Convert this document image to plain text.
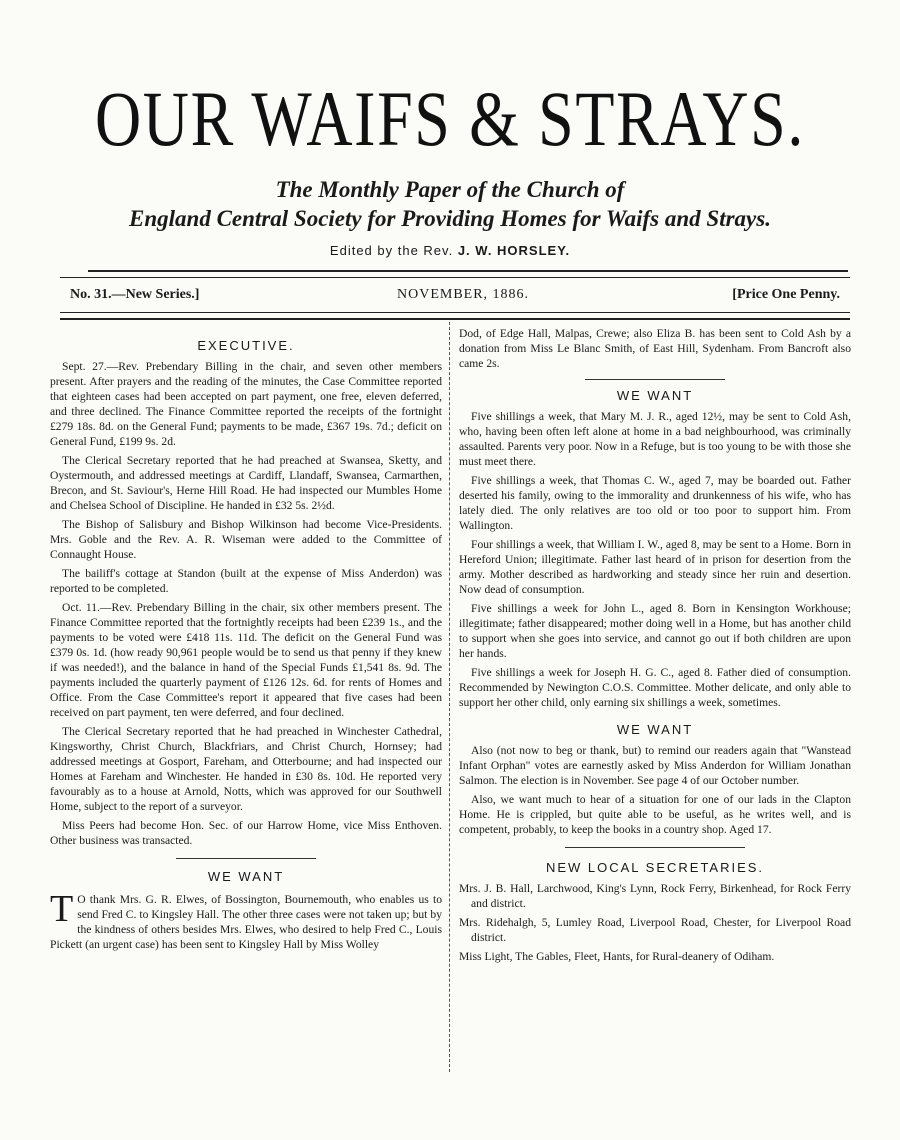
OUR WAIFS & STRAYS.
The Monthly Paper of the Church of
England Central Society for Providing Homes for Waifs and Strays.
Edited by the Rev. J. W. HORSLEY.
No. 31.—New Series.]	NOVEMBER, 1886.	[Price One Penny.
EXECUTIVE.

Sept. 27.—Rev. Prebendary Billing in the chair, and seven other members present. After prayers and the reading of the minutes, the Case Committee reported that eighteen cases had been accepted on part payment, one free, eleven deferred, and three declined. The Finance Committee reported the receipts of the fortnight £279 18s. 8d. on the General Fund; payments to be made, £367 19s. 7d.; deficit on General Fund, £199 9s. 2d.

The Clerical Secretary reported that he had preached at Swansea, Sketty, and Oystermouth, and addressed meetings at Cardiff, Llandaff, Swansea, Carmarthen, Brecon, and St. Saviour's, Herne Hill Road. He had inspected our Mumbles Home and Chelsea School of Discipline. He handed in £32 5s. 2½d.

The Bishop of Salisbury and Bishop Wilkinson had become Vice-Presidents. Mrs. Goble and the Rev. A. R. Wiseman were added to the Committee of Connaught House.

The bailiff's cottage at Standon (built at the expense of Miss Anderdon) was reported to be completed.

Oct. 11.—Rev. Prebendary Billing in the chair, six other members present. The Finance Committee reported that the fortnightly receipts had been £239 1s., and the payments to be voted were £418 11s. 11d. The deficit on the General Fund was £379 0s. 1d. (how ready 90,961 people would be to send us that penny if they knew if was needed!), and the balance in hand of the Special Funds £1,541 8s. 9d. The payments included the quarterly payment of £126 12s. 6d. for rents of Homes and Office. From the Case Committee's report it appeared that five cases had been received on part payment, ten were deferred, and four declined.

The Clerical Secretary reported that he had preached in Winchester Cathedral, Kingsworthy, Christ Church, Blackfriars, and Christ Church, Hornsey; had addressed meetings at Gosport, Fareham, and Otterbourne; and had inspected our Homes at Fareham and Winchester. He handed in £30 8s. 10d. He reported very favourably as to a house at Arnold, Notts, which was approved for our Southwell Home, subject to the report of a surveyor.

Miss Peers had become Hon. Sec. of our Harrow Home, vice Miss Enthoven. Other business was transacted.

WE WANT

T O thank Mrs. G. R. Elwes, of Bossington, Bournemouth, who enables us to send Fred C. to Kingsley Hall. The other three cases were not taken up; but by the kindness of others besides Mrs. Elwes, who desired to help Fred C., Louis Pickett (an urgent case) has been sent to Kingsley Hall by Miss Wolley

Dod, of Edge Hall, Malpas, Crewe; also Eliza B. has been sent to Cold Ash by a donation from Miss Le Blanc Smith, of East Hill, Sydenham. From Bancroft also came 2s.

WE WANT

Five shillings a week, that Mary M. J. R., aged 12½, may be sent to Cold Ash, who, having been often left alone at home in a bad neighbourhood, was criminally assaulted. Parents very poor. Now in a Refuge, but is too young to be with those she must meet there.

Five shillings a week, that Thomas C. W., aged 7, may be boarded out. Father deserted his family, owing to the immorality and drunkenness of his wife, who has lately died. The only relatives are too old or too poor to support him. From Wallington.

Four shillings a week, that William I. W., aged 8, may be sent to a Home. Born in Hereford Union; illegitimate. Father last heard of in prison for desertion from the army. Mother described as hardworking and steady since her ruin and desertion. Now dead of consumption.

Five shillings a week for John L., aged 8. Born in Kensington Workhouse; illegitimate; father disappeared; mother doing well in a Home, but has another child to support when she goes into service, and cannot go out if both children are upon her hands.

Five shillings a week for Joseph H. G. C., aged 8. Father died of consumption. Recommended by Newington C.O.S. Committee. Mother delicate, and only able to support her other child, only earning six shillings a week, sometimes.

WE WANT

Also (not now to beg or thank, but) to remind our readers again that "Wanstead Infant Orphan" votes are earnestly asked by Miss Anderdon for William Jonathan Salmon. The election is in November. See page 4 of our October number.

Also, we want much to hear of a situation for one of our lads in the Clapton Home. He is crippled, but quite able to be useful, as he writes well, and is competent, probably, to keep the books in a country shop. Aged 17.

NEW LOCAL SECRETARIES.

Mrs. J. B. Hall, Larchwood, King's Lynn, Rock Ferry, Birkenhead, for Rock Ferry and district.

Mrs. Ridehalgh, 5, Lumley Road, Liverpool Road, Chester, for Liverpool Road district.

Miss Light, The Gables, Fleet, Hants, for Rural-deanery of Odiham.
